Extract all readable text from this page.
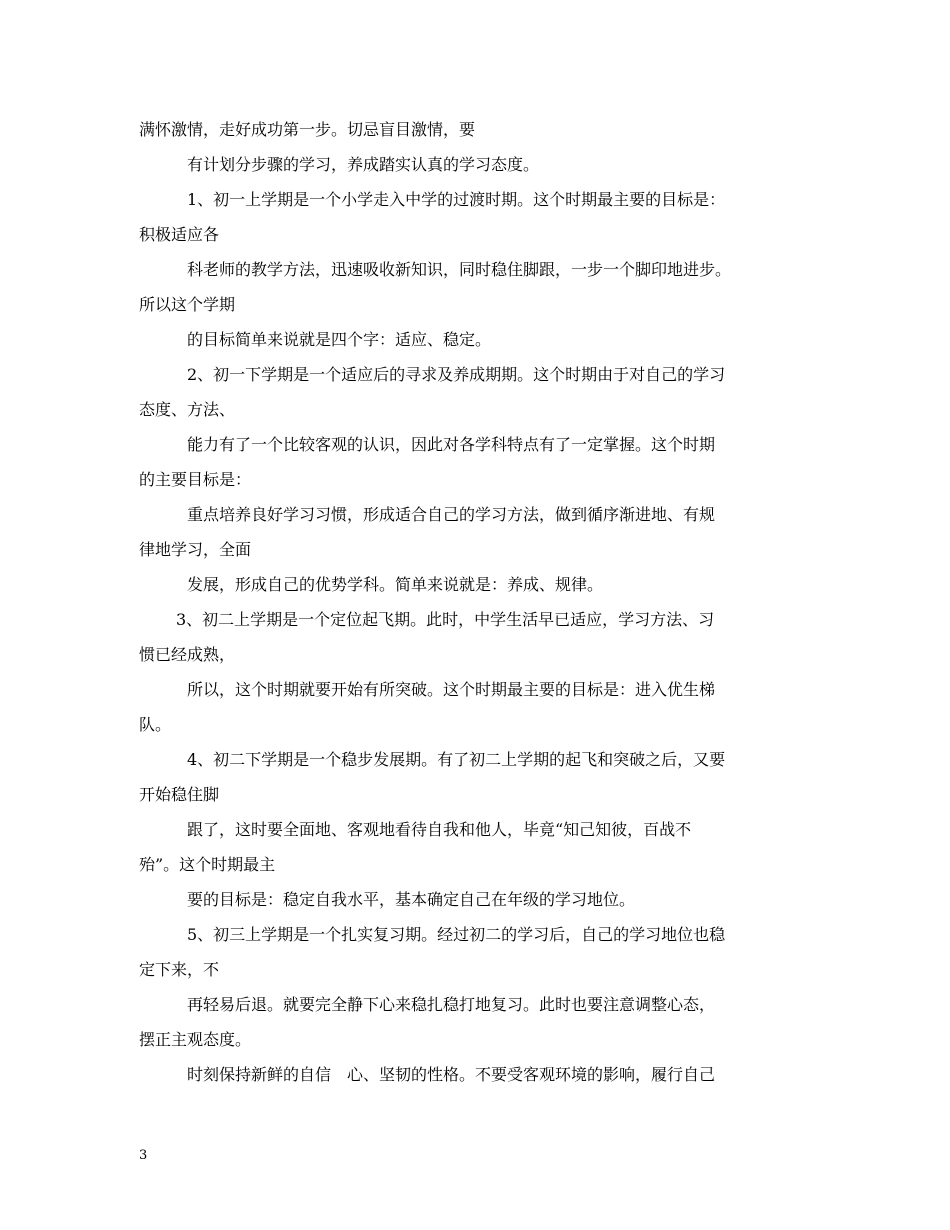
满怀激情，走好成功第一步。切忌盲目激情，要
有计划分步骤的学习，养成踏实认真的学习态度。
1、初一上学期是一个小学走入中学的过渡时期。这个时期最主要的目标是：
积极适应各
科老师的教学方法，迅速吸收新知识，同时稳住脚跟，一步一个脚印地进步。
所以这个学期
的目标简单来说就是四个字：适应、稳定。
2、初一下学期是一个适应后的寻求及养成期期。这个时期由于对自己的学习
态度、方法、
能力有了一个比较客观的认识，因此对各学科特点有了一定掌握。这个时期
的主要目标是：
重点培养良好学习习惯，形成适合自己的学习方法，做到循序渐进地、有规
律地学习，全面
发展，形成自己的优势学科。简单来说就是：养成、规律。
3、初二上学期是一个定位起飞期。此时，中学生活早已适应，学习方法、习
惯已经成熟，
所以，这个时期就要开始有所突破。这个时期最主要的目标是：进入优生梯
队。
4、初二下学期是一个稳步发展期。有了初二上学期的起飞和突破之后，又要
开始稳住脚
跟了，这时要全面地、客观地看待自我和他人，毕竟“知己知彼，百战不
殆”。这个时期最主
要的目标是：稳定自我水平，基本确定自己在年级的学习地位。
5、初三上学期是一个扎实复习期。经过初二的学习后，自己的学习地位也稳
定下来，不
再轻易后退。就要完全静下心来稳扎稳打地复习。此时也要注意调整心态，
摆正主观态度。
时刻保持新鲜的自信　心、坚韧的性格。不要受客观环境的影响，履行自己
3
